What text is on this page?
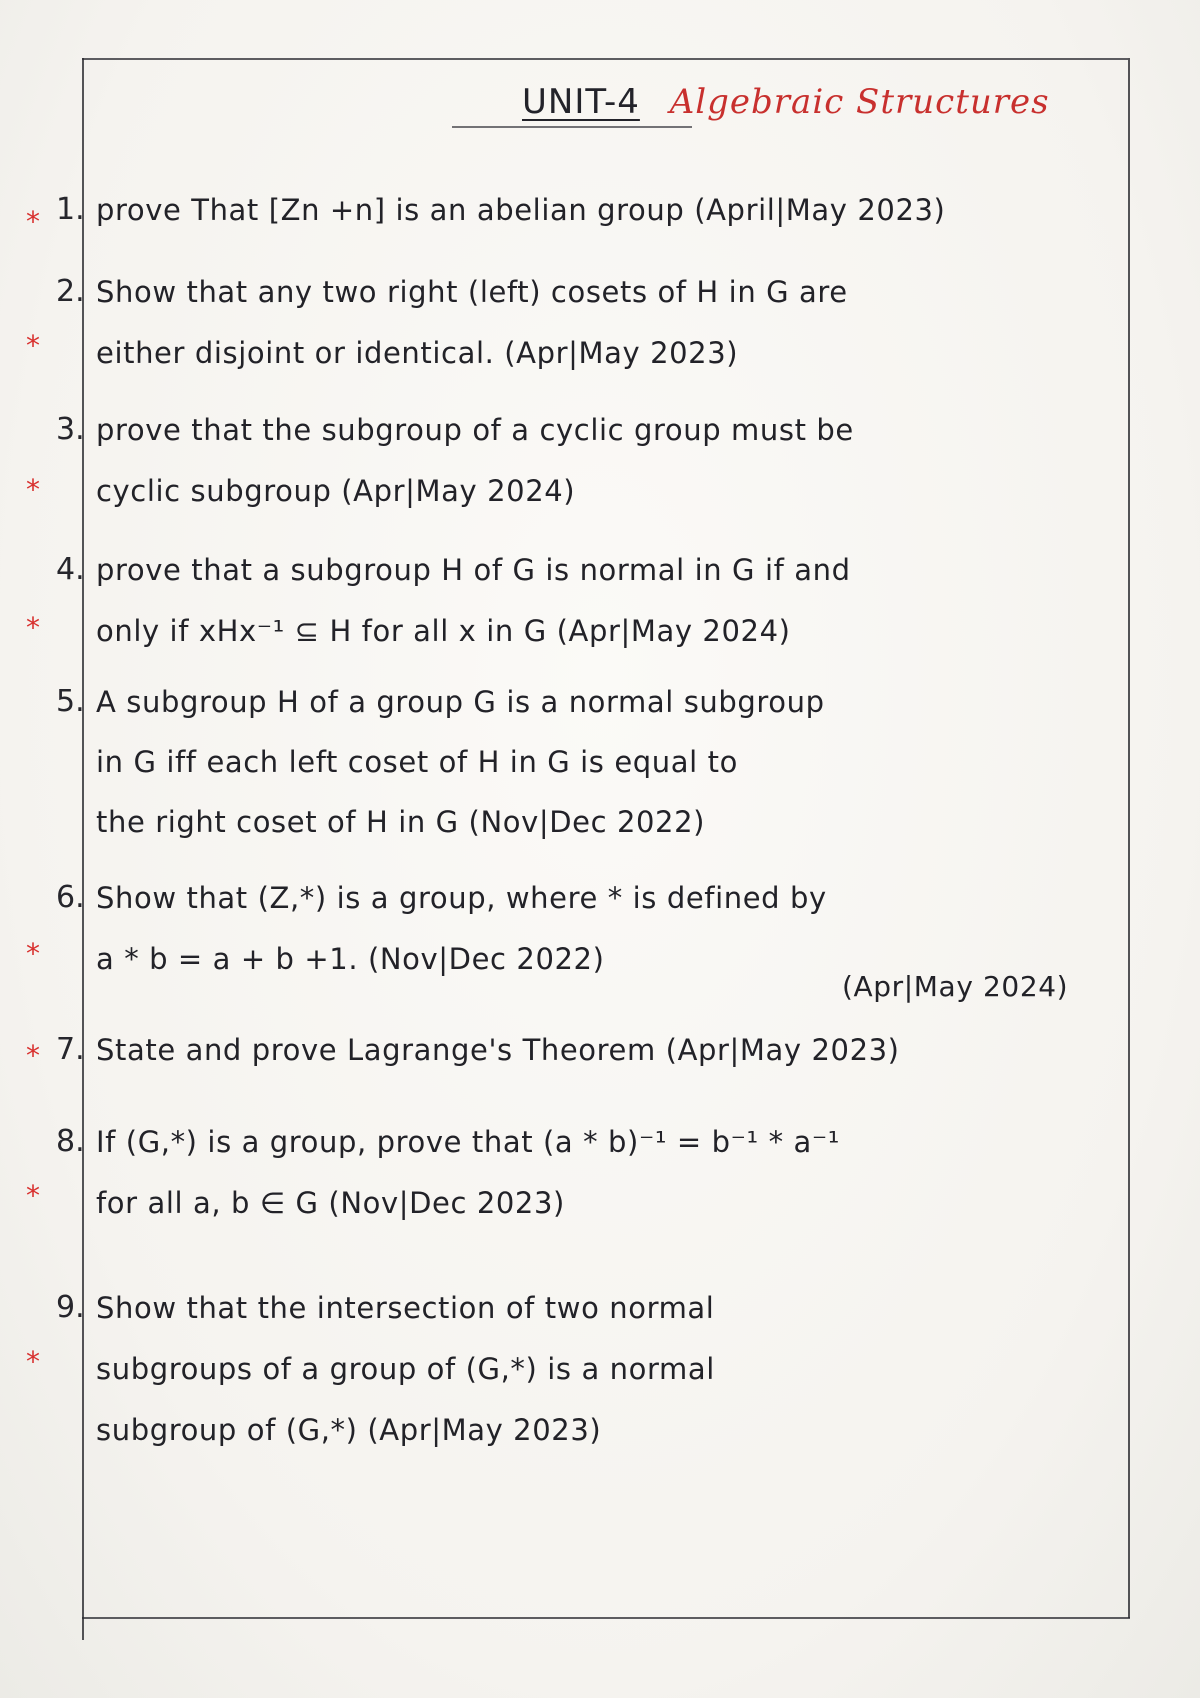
UNIT-4 Algebraic Structures
* 1. prove That [Zn +n] is an abelian group (April|May 2023)
*
2. Show that any two right (left) cosets of H in G are
either disjoint or identical. (Apr|May 2023)
*
3. prove that the subgroup of a cyclic group must be
cyclic subgroup (Apr|May 2024)
*
4. prove that a subgroup H of G is normal in G if and
only if xHx⁻¹ ⊆ H for all x in G (Apr|May 2024)
5. A subgroup H of a group G is a normal subgroup
in G iff each left coset of H in G is equal to
the right coset of H in G (Nov|Dec 2022)
*
6. Show that (Z,*) is a group, where * is defined by
a * b = a + b +1. (Nov|Dec 2022)
(Apr|May 2024)
* 7. State and prove Lagrange's Theorem (Apr|May 2023)
*
8. If (G,*) is a group, prove that (a * b)⁻¹ = b⁻¹ * a⁻¹
for all a, b ∈ G (Nov|Dec 2023)
*
9. Show that the intersection of two normal
subgroups of a group of (G,*) is a normal
subgroup of (G,*) (Apr|May 2023)
